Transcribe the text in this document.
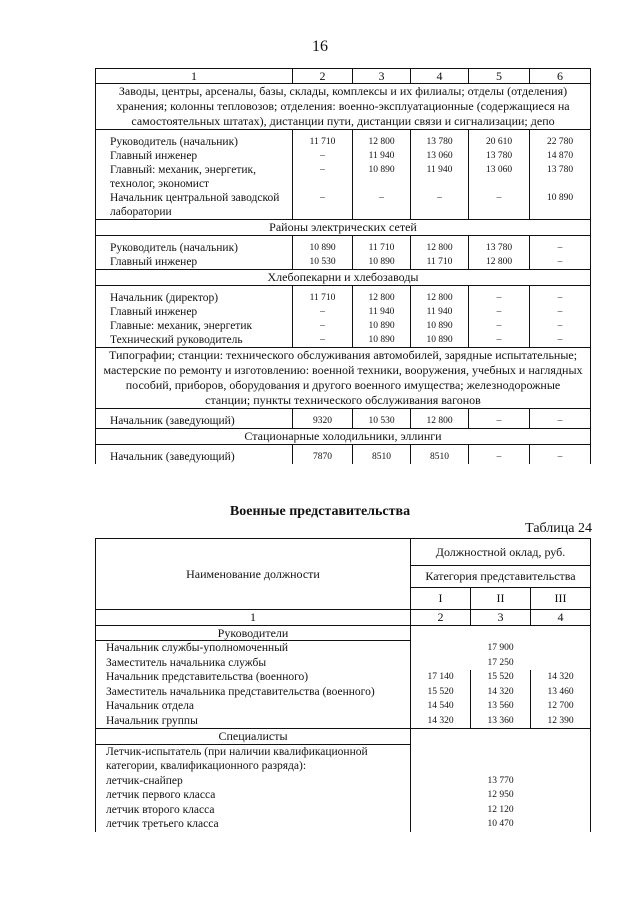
16
1	2	3	4	5	6
Заводы, центры, арсеналы, базы, склады, комплексы и их филиалы; отделы (отделения) хранения; колонны тепловозов; отделения: военно-эксплуатационные (содержащиеся на самостоятельных штатах), дистанции пути, дистанции связи и сигнализации; депо					

Руководитель (начальник)	11 710	12 800	13 780	20 610	22 780
Главный инженер	–	11 940	13 060	13 780	14 870
Главный: механик, энергетик, технолог, экономист	–	10 890	11 940	13 060	13 780
Начальник центральной заводской лаборатории	–	–	–	–	10 890
Районы электрических сетей					

Руководитель (начальник)	10 890	11 710	12 800	13 780	–
Главный инженер	10 530	10 890	11 710	12 800	–
Хлебопекарни и хлебозаводы					

Начальник (директор)	11 710	12 800	12 800	–	–
Главный инженер	–	11 940	11 940	–	–
Главные: механик, энергетик	–	10 890	10 890	–	–
Технический руководитель	–	10 890	10 890	–	–
Типографии; станции: технического обслуживания автомобилей, зарядные испытательные; мастерские по ремонту и изготовлению: военной техники, вооружения, учебных и наглядных пособий, приборов, оборудования и другого военного имущества; железнодорожные станции; пункты технического обслуживания вагонов					

Начальник (заведующий)	9320	10 530	12 800	–	–
Стационарные холодильники, эллинги					

Начальник (заведующий)	7870	8510	8510	–	–
Военные представительства
Таблица 24
Наименование должности	Должностной оклад, руб.		
	Категория представительства		
	I	II	III
1	2	3	4
Руководители			
Начальник службы-уполномоченный	17 900		
Заместитель начальника службы	17 250		
Начальник представительства (военного)	17 140	15 520	14 320
Заместитель начальника представительства (военного)	15 520	14 320	13 460
Начальник отдела	14 540	13 560	12 700
Начальник группы	14 320	13 360	12 390
Специалисты			
Летчик-испытатель (при наличии квалификационной категории, квалификационного разряда):			
летчик-снайпер	13 770		
летчик первого класса	12 950		
летчик второго класса	12 120		
летчик третьего класса	10 470		
